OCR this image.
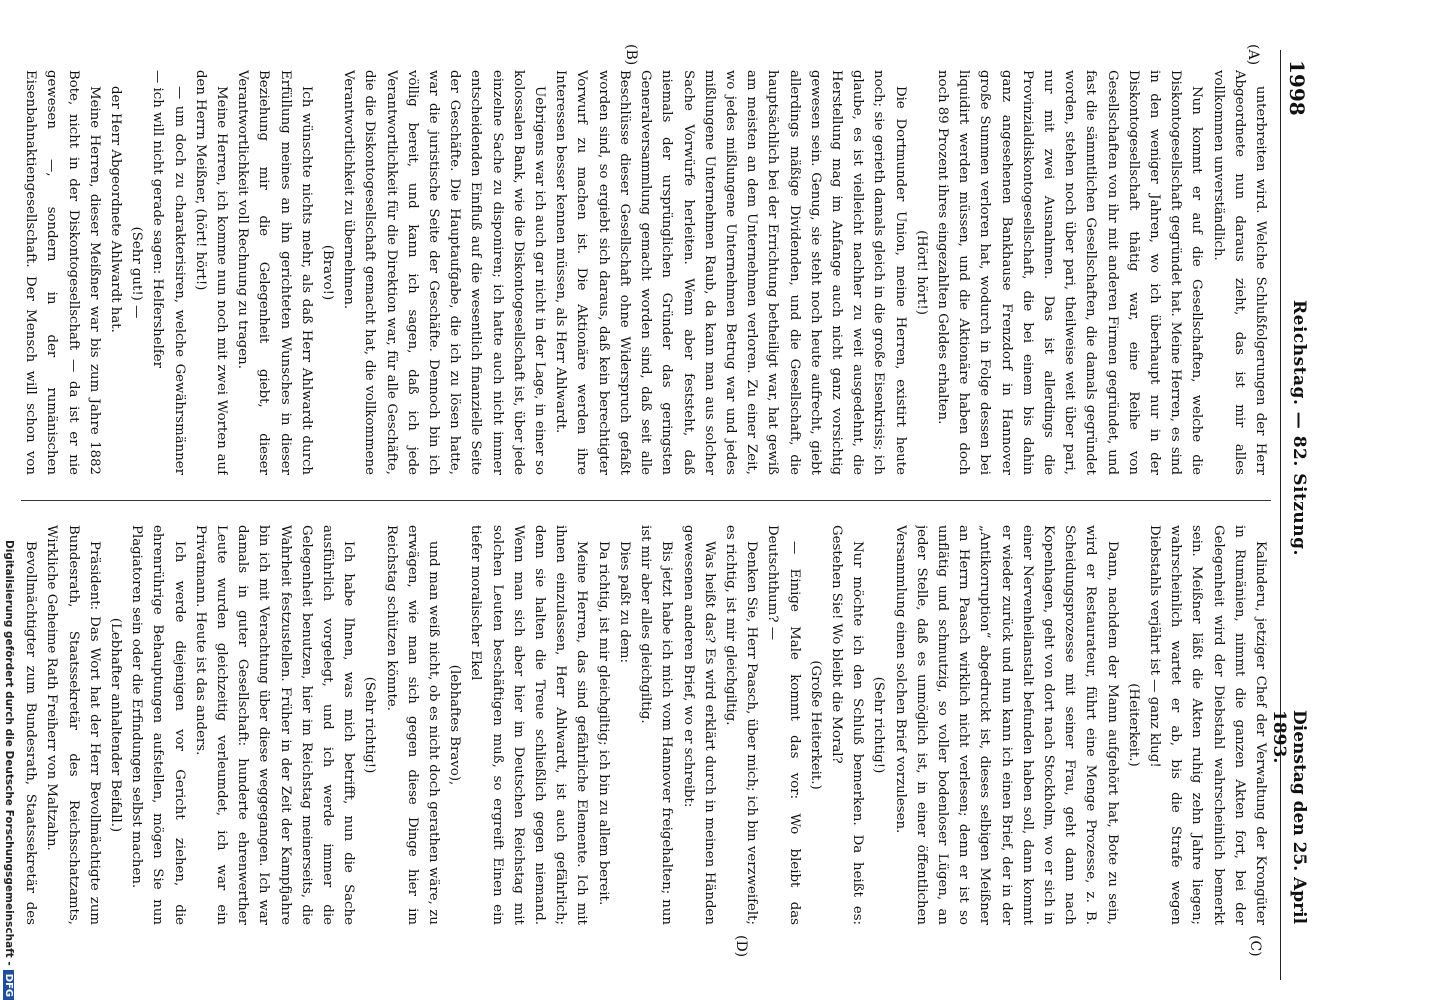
1998
Reichstag. — 82. Sitzung.
Dienstag den 25. April 1893.
(A)
(B)
(C)
(D)

unterbreiten wird. Welche Schlußfolgerungen der Herr Abgeordnete nun daraus zieht, das ist mir alles vollkommen unverständlich.

Nun kommt er auf die Gesellschaften, welche die Diskontogesellschaft gegründet hat. Meine Herren, es sind in den weniger Jahren, wo ich überhaupt nur in der Diskontogesellschaft thätig war, eine Reihe von Gesellschaften von ihr mit anderen Firmen gegründet, und fast die sämmtlichen Gesellschaften, die damals gegründet worden, stehen noch über pari, theilweise weit über pari, nur mit zwei Ausnahmen. Das ist allerdings die Provinzialdiskontogesellschaft, die bei einem bis dahin ganz angesehenen Bankhause Frenzdorf in Hannover große Summen verloren hat, wodurch in Folge dessen bei liquidirt werden müssen, und die Aktionäre haben doch noch 89 Prozent ihres eingezahlten Geldes erhalten.

(Hört! hört!)

Die Dortmunder Union, meine Herren, existirt heute noch; sie gerieth damals gleich in die große Eisenkrisis; ich glaube, es ist vielleicht nachher zu weit ausgedehnt, die Herstellung mag im Anfange auch nicht ganz vorsichtig gewesen sein. Genug, sie steht noch heute aufrecht, giebt allerdings mäßige Dividenden, und die Gesellschaft, die hauptsächlich bei der Errichtung betheiligt war, hat gewiß am meisten an dem Unternehmen verloren. Zu einer Zeit, wo jedes mißlungene Unternehmen Betrug war und jedes mißlungene Unternehmen Raub, da kann man aus solcher Sache Vorwürfe herleiten. Wenn aber feststeht, daß niemals der ursprünglichen Gründer das geringsten Generalversammlung gemacht worden sind, daß seit alle Beschlüsse dieser Gesellschaft ohne Widerspruch gefaßt worden sind, so ergiebt sich daraus, daß kein berechtigter Vorwurf zu machen ist. Die Aktionäre werden ihre Interessen besser kennen müssen, als Herr Ahlwardt.

Uebrigens war ich auch gar nicht in der Lage, in einer so kolossalen Bank, wie die Diskontogesellschaft ist, über jede einzelne Sache zu disponiren; ich hatte auch nicht immer entscheidenden Einfluß auf die wesentlich finanzielle Seite der Geschäfte. Die Hauptaufgabe, die ich zu lösen hatte, war die juristische Seite der Geschäfte. Dennoch bin ich völlig bereit, und kann ich sagen, daß ich jede Verantwortlichkeit für die Direktion war, für alle Geschäfte, die die Diskontogesellschaft gemacht hat, die vollkommene Verantwortlichkeit zu übernehmen.

(Bravo!)

Ich wünschte nichts mehr, als daß Herr Ahlwardt durch Erfüllung meines an ihn gerichteten Wunsches in dieser Beziehung mir die Gelegenheit giebt, dieser Verantwortlichkeit voll Rechnung zu tragen.

Meine Herren, ich komme nun noch mit zwei Worten auf den Herrn Meißner, (hört! hört!)

— um doch zu charakterisiren, welche Gewährsmänner — ich will nicht gerade sagen: Helfershelfer

(Sehr gut!) —

der Herr Abgeordnete Ahlwardt hat.

Meine Herren, dieser Meißner war bis zum Jahre 1882 Bote, nicht in der Diskontogesellschaft — da ist er nie gewesen —, sondern in der rumänischen Eisenbahnaktiengesellschaft. Der Mensch will schon von

Kalinderu, jetziger Chef der Verwaltung der Krongüter in Rumänien, nimmt die ganzen Akten fort, bei der Gelegenheit wird der Diebstahl wahrscheinlich bemerkt sein. Meißner läßt die Akten ruhig zehn Jahre liegen; wahrscheinlich wartet er ab, bis die Strafe wegen Diebstahls verjährt ist — ganz klug!

(Heiterkeit.)

Dann, nachdem der Mann aufgehört hat, Bote zu sein, wird er Restaurateur, führt eine Menge Prozesse, z. B. Scheidungsprozesse mit seiner Frau, geht dann nach Kopenhagen, geht von dort nach Stockholm, wo er sich in einer Nervenheilanstalt befunden haben soll, dann kommt er wieder zurück und nun kann ich einen Brief, der in der „Antikorruption“ abgedruckt ist, dieses selbigen Meißner an Herrn Paasch wirklich nicht verlesen; denn er ist so unflätig und schmutzig, so voller bodenloser Lügen, an jeder Stelle, daß es unmöglich ist, in einer öffentlichen Versammlung einen solchen Brief vorzulesen.

(Sehr richtig!)

Nur möchte ich den Schluß bemerken. Da heißt es: Gestehen Sie! Wo bleibt die Moral?

(Große Heiterkeit.)

— Einige Male kommt das vor: Wo bleibt das Deutschthum? —

Denken Sie, Herr Paasch, über mich; ich bin verzweifelt; es richtig, ist mir gleichgiltig.

Was heißt das? Es wird erklärt durch in meinen Händen gewesenen anderen Brief, wo er schreibt:

Bis jetzt habe ich mich vom Hannover freigehalten; nun ist mir aber alles gleichgiltig.

Dies paßt zu dem:

Da richtig, ist mir gleichgiltig; ich bin zu allem bereit.

Meine Herren, das sind gefährliche Elemente. Ich mit ihnen einzulassen, Herr Ahlwardt, ist auch gefährlich; denn sie halten die Treue schließlich gegen niemand. Wenn man sich aber hier im Deutschen Reichstag mit solchen Leuten beschäftigen muß, so ergreift Einen ein tiefer moralischer Ekel

(lebhaftes Bravo),

und man weiß nicht, ob es nicht doch gerathen wäre, zu erwägen, wie man sich gegen diese Dinge hier im Reichstag schützen könnte.

(Sehr richtig!)

Ich habe Ihnen, was mich betrifft, nun die Sache ausführlich vorgelegt, und ich werde immer die Gelegenheit benutzen, hier im Reichstag meinerseits, die Wahrheit festzustellen. Früher in der Zeit der Kampfjahre bin ich mit Verachtung über diese weggegangen. Ich war damals in guter Gesellschaft: hunderte ehrenwerther Leute wurden gleichzeitig verleumdet, ich war ein Privatmann. Heute ist das anders.

Ich werde diejenigen vor Gericht ziehen, die ehrenrührige Behauptungen aufstellen, mögen Sie nun Plagiatoren sein oder die Erfindungen selbst machen.

(Lebhafter anhaltender Beifall.)

Präsident: Das Wort hat der Herr Bevollmächtigte zum Bundesrath, Staatssekretär des Reichsschatzamts, Wirkliche Geheime Rath Freiherr von Maltzahn.

Bevollmächtigter zum Bundesrath, Staatssekretär des

Digitalisierung gefördert durch die Deutsche Forschungsgemeinschaft -DFG
